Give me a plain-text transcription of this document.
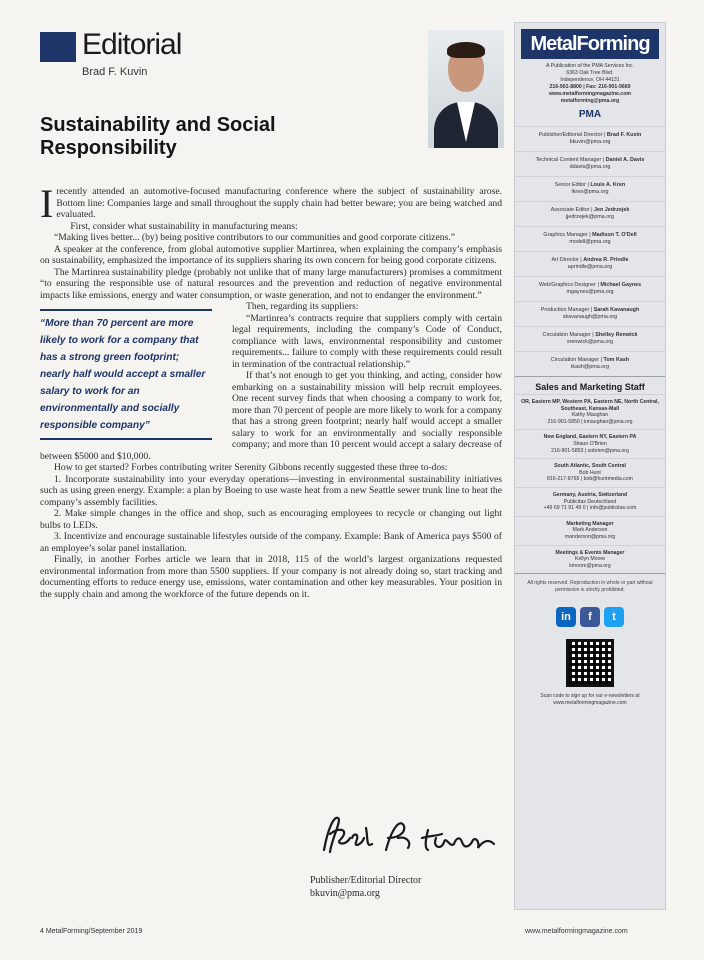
Editorial
Brad F. Kuvin
Sustainability and Social Responsibility

Irecently attended an automotive-focused manufacturing conference where the subject of sustainability arose. Bottom line: Companies large and small throughout the supply chain had better beware; you are being watched and evaluated.

First, consider what sustainability in manufacturing means:

“Making lives better... (by) being positive contributors to our communities and good corporate citizens.”

A speaker at the conference, from global automotive supplier Martinrea, when explaining the company’s emphasis on sustainability, emphasized the importance of its suppliers sharing its own concern for being good corporate citizens.

The Martinrea sustainability pledge (probably not unlike that of many large manufacturers) promises a commitment “to ensuring the responsible use of natural resources and the prevention and reduction of negative environmental impacts like emissions, energy and water consumption, or waste generation, and not to endanger the environment.”

“More than 70 percent are more likely to work for a company that has a strong green footprint; nearly half would accept a smaller salary to work for an environmentally and socially responsible company”

Then, regarding its suppliers:

“Martinrea’s contracts require that suppliers comply with certain legal requirements, including the company’s Code of Conduct, compliance with laws, environmental responsibility and customer requirements... failure to comply with these requirements could result in termination of the contractual relationship.”

If that’s not enough to get you thinking, and acting, consider how embarking on a sustainability mission will help recruit employees. One recent survey finds that when choosing a company to work for, more than 70 percent of people are more likely to work for a company that has a strong green footprint; nearly half would accept a smaller salary to work for an environmentally and socially responsible company; and more than 10 percent would accept a salary decrease of between $5000 and $10,000.

How to get started? Forbes contributing writer Serenity Gibbons recently suggested these three to-dos:

1. Incorporate sustainability into your everyday operations—investing in environmental sustainability initiatives such as using green energy. Example: a plan by Boeing to use waste heat from a new Seattle sewer trunk line to heat the company’s assembly facilities.

2. Make simple changes in the office and shop, such as encouraging employees to recycle or changing out light bulbs to LEDs.

3. Incentivize and encourage sustainable lifestyles outside of the company. Example: Bank of America pays $500 of an employee’s solar panel installation.

Finally, in another Forbes article we learn that in 2018, 115 of the world’s largest organizations requested environmental information from more than 5500 suppliers. If your company is not already doing so, start tracking and documenting efforts to reduce energy use, emissions, water contamination and other key measurables. Your position in the supply chain and among the workforce of the future depends on it.

Publisher/Editorial Director
bkuvin@pma.org
4 MetalForming/September 2019	www.metalformingmagazine.com
MetalForming
A Publication of the PMA Services Inc.
6363 Oak Tree Blvd.
Independence, OH 44131
216-901-8800 | Fax: 216-901-9669
www.metalformingmagazine.com
metalforming@pma.org
PMA
Publisher/Editorial Director | Brad F. Kuvin
bkuvin@pma.org
Technical Content Manager | Daniel A. Davis
ddavis@pma.org
Senior Editor | Louis A. Kren
lkren@pma.org
Associate Editor | Jen Jedrzejek
jjedrzejek@pma.org
Graphics Manager | Madison T. O'Dell
modell@pma.org
Art Director | Andrea R. Prindle
aprindle@pma.org
Web/Graphics Designer | Michael Gaynes
mgaynes@pma.org
Production Manager | Sarah Kavanaugh
skavanaugh@pma.org
Circulation Manager | Shelley Renwick
srenwick@pma.org
Circulation Manager | Tom Kash
tkash@pma.org
Sales and Marketing Staff
OR, Eastern MP, Western PA, Eastern NE, North Central, Southeast, Kansas-Mall
Kathy Maughan
216-901-5850 | kmaughan@pma.org
New England, Eastern NY, Eastern PA
Shaun O'Brien
216-901-5853 | sobrien@pma.org
South Atlantic, South Central
Bob Hunt
816-217-8765 | bob@huntmedia.com
Germany, Austria, Switzerland
Publicitas Deutschland
+49 69 71 91 49 0 | info@publicitas.com
Marketing Manager
Mark Anderson
manderson@pma.org
Meetings & Events Manager
Kellyn Moore
kmoore@pma.org
All rights reserved. Reproduction in whole or part without permission is strictly prohibited.
in	f	t
Scan code to sign up for our e-newsletters at www.metalformingmagazine.com
